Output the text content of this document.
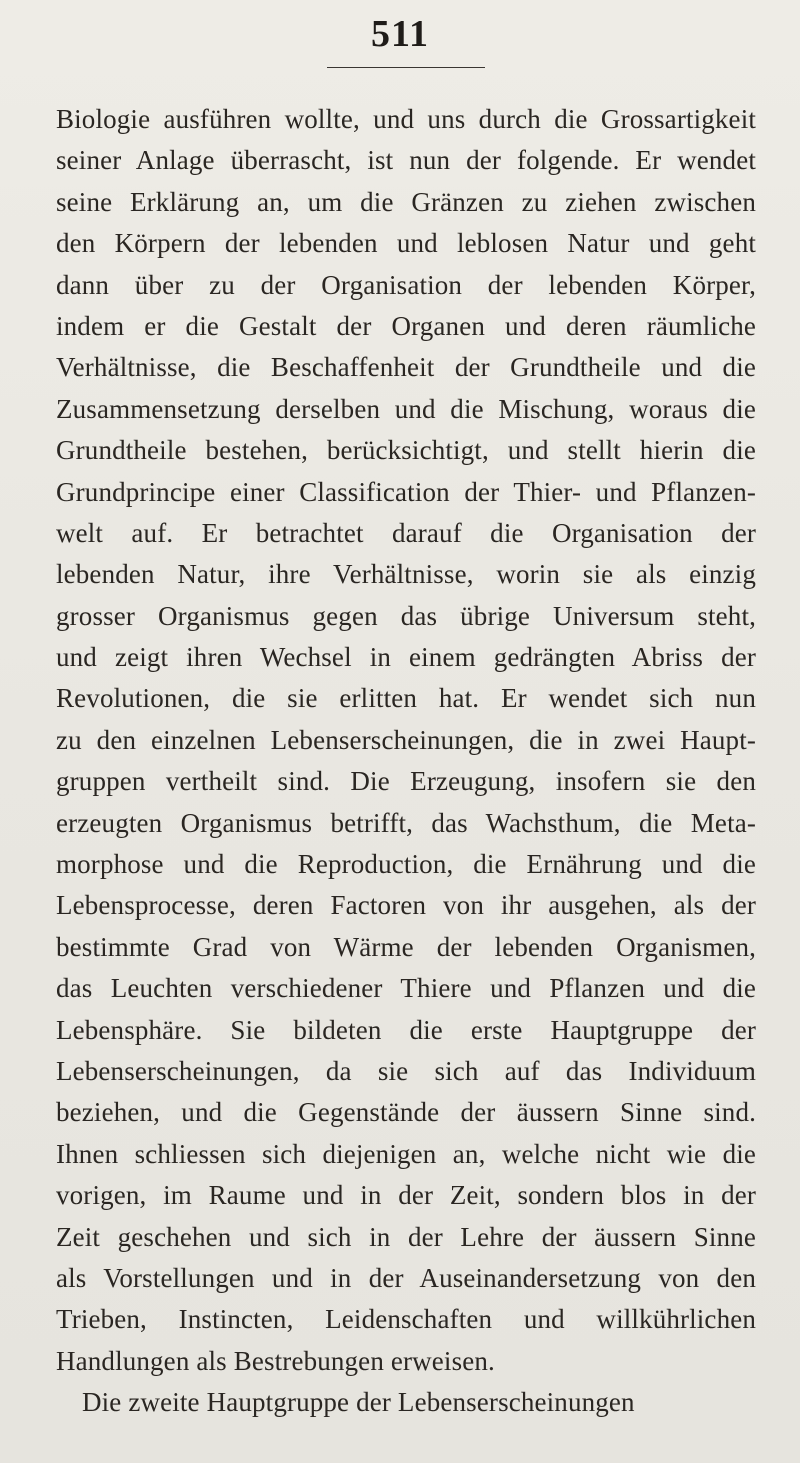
511
Biologie ausführen wollte, und uns durch die Grossartigkeit
seiner Anlage überrascht, ist nun der folgende. Er wendet
seine Erklärung an, um die Gränzen zu ziehen zwischen
den Körpern der lebenden und leblosen Natur und geht
dann über zu der Organisation der lebenden Körper,
indem er die Gestalt der Organen und deren räumliche
Verhältnisse, die Beschaffenheit der Grundtheile und die
Zusammensetzung derselben und die Mischung, woraus die
Grundtheile bestehen, berücksichtigt, und stellt hierin die
Grundprincipe einer Classification der Thier- und Pflanzen-
welt auf. Er betrachtet darauf die Organisation der
lebenden Natur, ihre Verhältnisse, worin sie als einzig
grosser Organismus gegen das übrige Universum steht,
und zeigt ihren Wechsel in einem gedrängten Abriss der
Revolutionen, die sie erlitten hat. Er wendet sich nun
zu den einzelnen Lebenserscheinungen, die in zwei Haupt-
gruppen vertheilt sind. Die Erzeugung, insofern sie den
erzeugten Organismus betrifft, das Wachsthum, die Meta-
morphose und die Reproduction, die Ernährung und die
Lebensprocesse, deren Factoren von ihr ausgehen, als der
bestimmte Grad von Wärme der lebenden Organismen,
das Leuchten verschiedener Thiere und Pflanzen und die
Lebensphäre. Sie bildeten die erste Hauptgruppe der
Lebenserscheinungen, da sie sich auf das Individuum
beziehen, und die Gegenstände der äussern Sinne sind.
Ihnen schliessen sich diejenigen an, welche nicht wie die
vorigen, im Raume und in der Zeit, sondern blos in der
Zeit geschehen und sich in der Lehre der äussern Sinne
als Vorstellungen und in der Auseinandersetzung von den
Trieben, Instincten, Leidenschaften und willkührlichen
Handlungen als Bestrebungen erweisen.
Die zweite Hauptgruppe der Lebenserscheinungen
